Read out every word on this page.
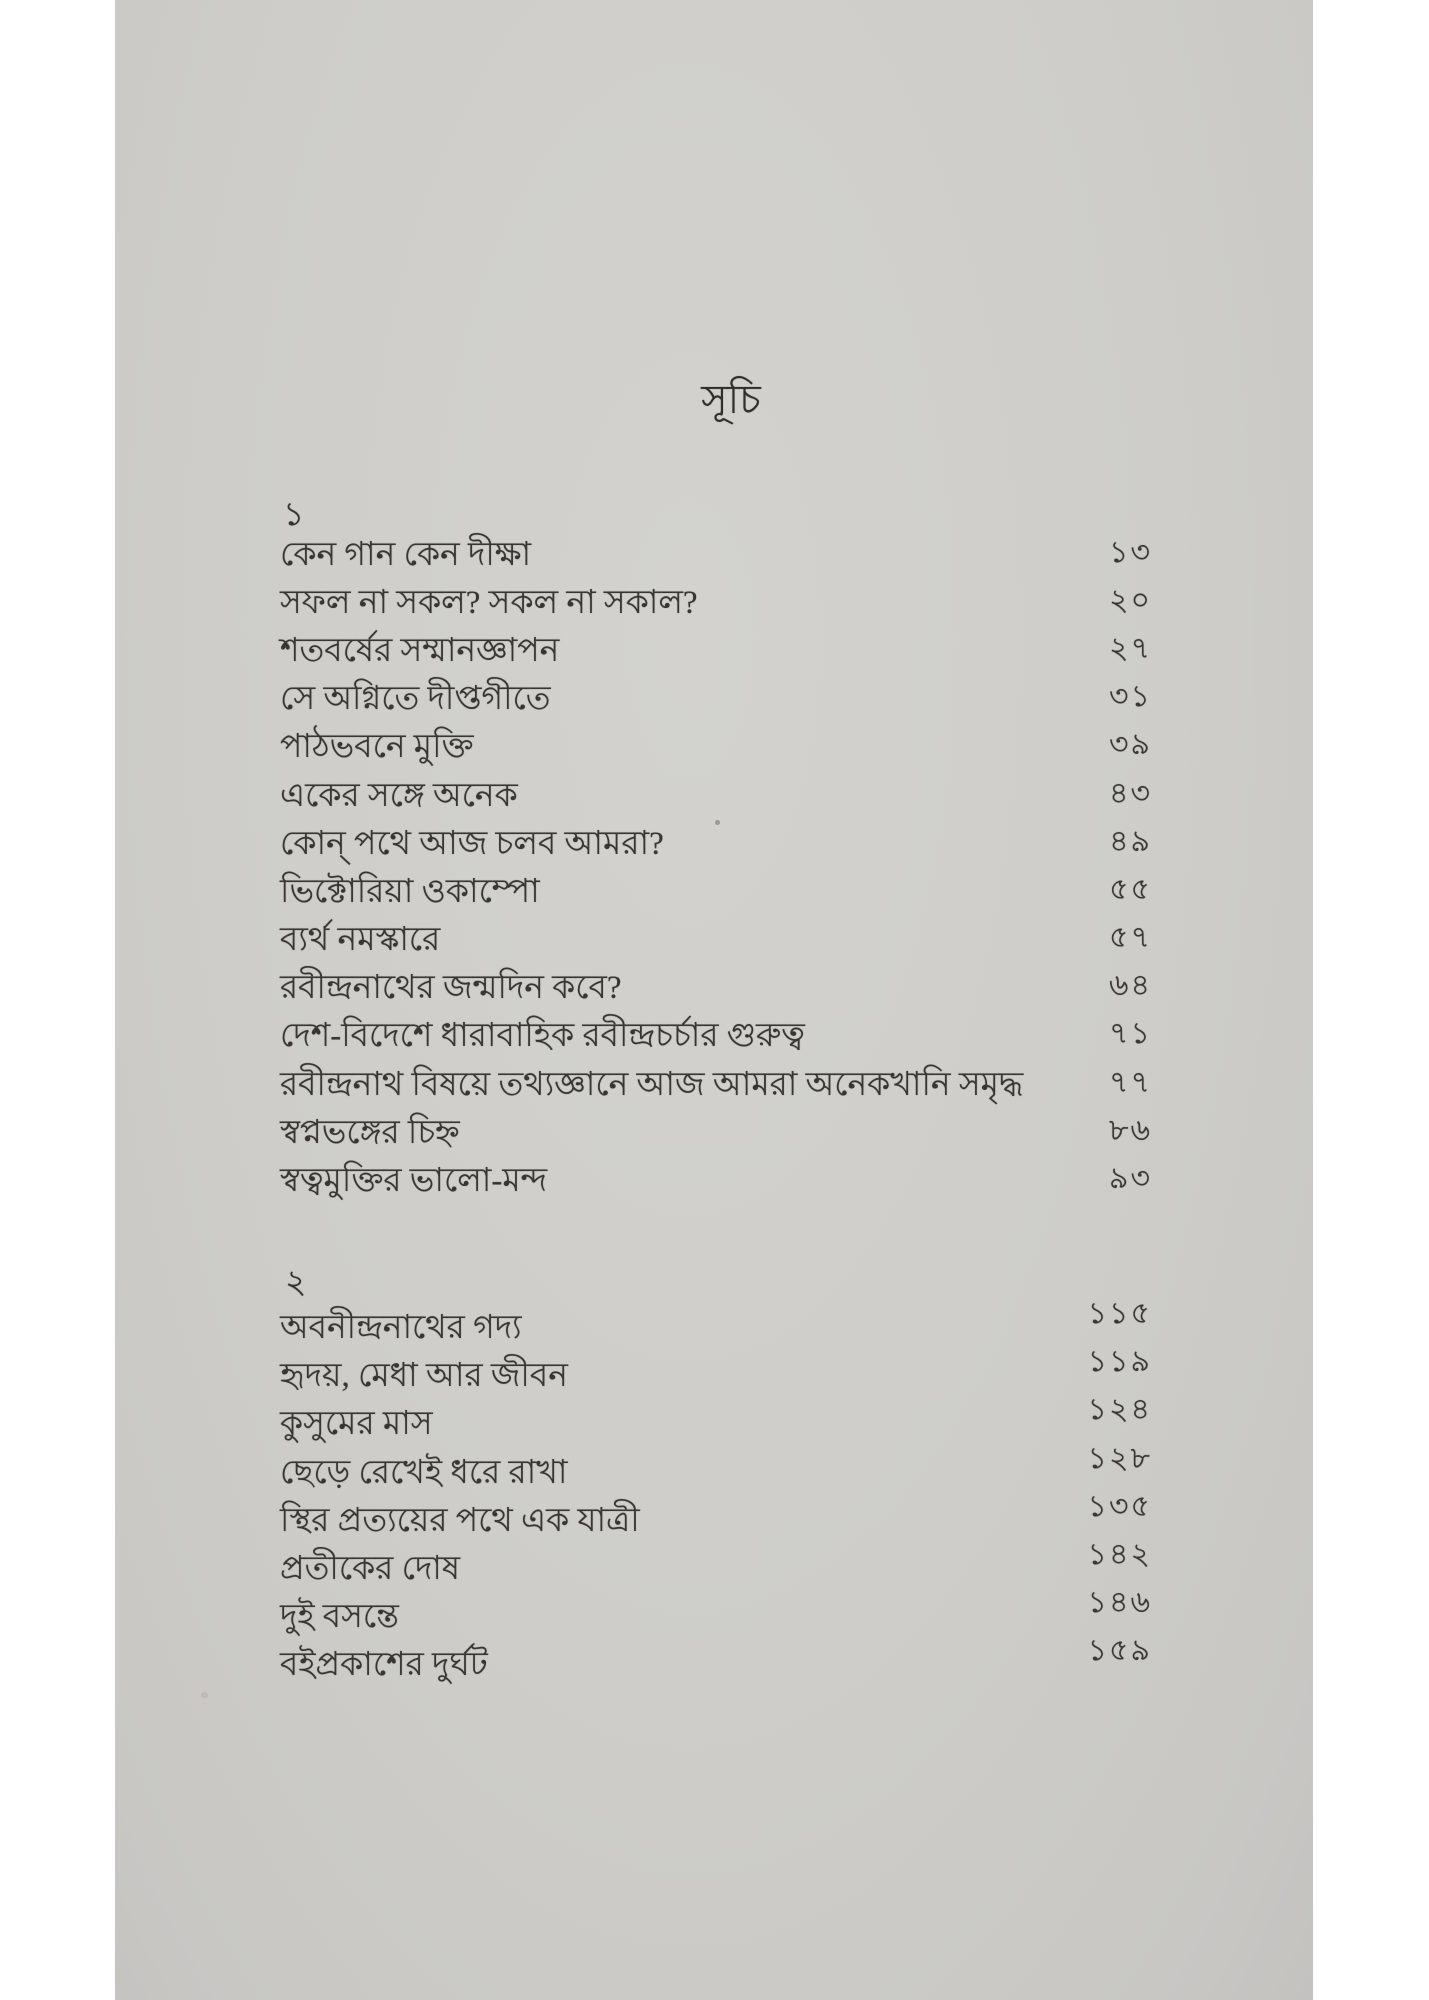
সূচি
১
কেন গান কেন দীক্ষা	১৩
সফল না সকল? সকল না সকাল?	২০
শতবর্ষের সম্মানজ্ঞাপন	২৭
সে অগ্নিতে দীপ্তগীতে	৩১
পাঠভবনে মুক্তি	৩৯
একের সঙ্গে অনেক	৪৩
কোন্ পথে আজ চলব আমরা?	৪৯
ভিক্টোরিয়া ওকাম্পো	৫৫
ব্যর্থ নমস্কারে	৫৭
রবীন্দ্রনাথের জন্মদিন কবে?	৬৪
দেশ-বিদেশে ধারাবাহিক রবীন্দ্রচর্চার গুরুত্ব	৭১
রবীন্দ্রনাথ বিষয়ে তথ্যজ্ঞানে আজ আমরা অনেকখানি সমৃদ্ধ	৭৭
স্বপ্নভঙ্গের চিহ্ন	৮৬
স্বত্বমুক্তির ভালো-মন্দ	৯৩
২
অবনীন্দ্রনাথের গদ্য	১১৫
হৃদয়, মেধা আর জীবন	১১৯
কুসুমের মাস	১২৪
ছেড়ে রেখেই ধরে রাখা	১২৮
স্থির প্রত্যয়ের পথে এক যাত্রী	১৩৫
প্রতীকের দোষ	১৪২
দুই বসন্তে	১৪৬
বইপ্রকাশের দুর্ঘট	১৫৯
